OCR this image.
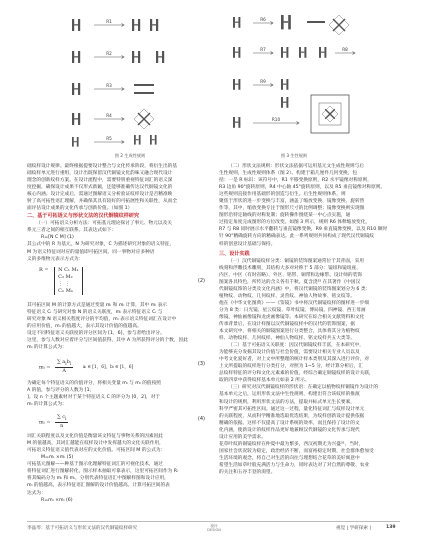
R1
R2
R3
R4
R5
图 2 生成性规则
R6
R7	R8
R9
R10
图 3 生性规则

础纹样设计规律。最终根据提要设计整合与文化传承阶段，将衍生出的基

础纹样单元进行重组，设计出既保留汉代铜镜文化韵味又融合现代设计

理念的创新纹样方案。在设计流程中，需要特别重视特征词汇的语义深

度挖掘，确保设计成果不仅形式新颖，还能够准确传达汉代铜镜文化的

核心内涵。设计完成后，需通过图解语义分析验证纹样设计是否精准映

射了高可拓性语汇理解，并确保其具有较好的可拓展性和关联性，从而全

面评估设计成果的文化传承与创新价值。（如图 1）

二、基于可拓语义与形状文法的汉代铜镜纹样研究

（一）可拓语义分析方法：可拓基元理论探讨了事元、物元以及关

系元三者之间的相互联系。其表达式如下：

R=[N C M] (1)

其公式中的 R 为基元，N 为研究对象，C 为描述研究对象的语义特征，

M 为语义特征词对应的量值即可拓区间。同一事物对应多种语

义的多维物元表示方式为：

R = N C₁ M₁
C₂ M₂
⋮ ⋮
Cₙ Mₙ
(2)

其可拓区间 M 的计算方式是通过变量 mᵢ 和 mᵢ 计算，其中 mᵢ 表示

特征语义 Cᵢ 与研究对象 N 的语义关联度，mᵢ 表示特征语义 Cᵢ 与

研究对象 N 语义相关程度评分的平均值，mᵢ 表示语义特征词汇在设计中

的应用价值，mᵢ 的值越大，表示其设计价值的值越高。

设定不同特征语义关联度的评分区间为 [1，6]，参与者给出评分。

这里，参与人数对应着评分与区间值获得，其中 A 为所获得评分的个数，因此

mᵢ 的计算公式为：

mᵢ =
∑ $a_ib_i$
A	aᵢ ∈ [1，6]，bᵢ ∈ [1，6]
(3)

为确定每个特征语义的价值评分，将相关变量 mᵢ 与 mᵢ 的值按照

A 的值，参与评分的人数为 [1，

]。设 n 个主题素材对于某个特征语义 C 的评分为 [0，2]，对于

mᵢ 的计算公式为：

mᵢ = $\frac{\sum c_i}{n}$	(4)

词汇关联程度以及文化价值是衡量该文特征与事物关系的因素因此

M 的值越高，其词汇越能在纹样设计中发挥越大的文化关联作用，

可拓语义特征语义值代表对应的文化价值。可拓区间 M 的公式为：

M=mᵢ ×mᵢ (5)

可拓基元图解——种基于图示化理解特征词汇的可视化技术，通过

将特征词汇进行图解转化，图示样本抽取可靠表示，这里可拓区间作为 Rᵢ

将其编码分为 mᵢ 和 mᵢ，分别代表特征语汇中图解样图和设计应用，

mᵢ 的值越高，表示特征语汇图解的设计价值越高。计算可拓区间的表

达式为：

R=mᵢ ×mᵢ (6)

（二）形状文法规则：形状文法依据可运用基元文生成性规则与后

生性规则，生成性规则体系（图 2）。构建于箱几厘件几何变换，包

括：一是 R 标识：该符号中，R1 平移变换原则，R2 水平镜像对称原则，

R3 边角 90°旋转原则，R4 中心轴 45°旋转原则，以及 R5 垂直镜像对称原则。

这些规则直接作用基础形的创造与衍生。后生性规则体系，则

聚焦于形状的进一步变换与丰富，涵盖了缩放变换、镜像变换、旋转替

作等，其中，缩放变换专注于图形尺寸的比例调整；镜像变换则实现图

图形沿特定轴线的对称复制；旋转操作围绕某一中心点实施，通

过指定角度完成图形的方位改变。如图 3 所示，规则 R6 体释缩放变化，

R7 与 R8 同时展示水平翻转与垂直镜像变换，R9 垂直镜像变换，以及 R10 顺时

针 90°精确旋转方向的精确表达。此一系列规则共同构成了现代汉代铜镜纹

样的创意设计基础与保持。

三、设计实践

（一）汉代铜镜纹样分类：铜镜的装饰图案通常位于其背面，采用

线刻和浮雕技术雕刻，其结构大多对对称于 5 部分：镜纽和镜纽座，

内区、中区（有时省略）、外区、铭带、铜带和边缘带。设计师的装饰

图案各具特色，所传达的含义各有千秋。夏含浇²⁵ 在其著作《中国汉

代铜镜纹饰的分类及文化内涵》中，将汉代铜镜的装饰图案划分为 6 类：

植物纹、动物纹、几何纹样、灵兽纹、神仙人物故事、铭文纹等。

他在《中华文化图典》——《鉴镜》书中将汉代铜镜纹样的图样进一步细

分为 8 类：日光镜、星云纹镜、草叶纹镜、博局镜、四神镜、西王母画

像镜、神仙画像镜和龙虎画像镜等。本研究在综合相关文献资料和文化

传承背景后，在设计样图以汉代铜镜纹样中的汉代的装饰图案，据

本文研究中，将相关的铜镜图案进行分类整合，具体将其分为植物纹

样、动物纹样、几何纹样、神仙人物纹样、铭文纹样共五大类等。

（二）基于可拓语义关联度：因汉代铜镜纹样丰富，在本研究中，

为能够充分发掘其设计价值与社会价值，需要设计相关专业人员以及

中考文化爱好者，对上文中所整理的统计样本类别及其深入进行评价，对

上文所提取的纹样进行分类打分，对照为 1~5 分，经计算分析后，汇

总纹样特征的评分和文化元素素的价值，经综合确定铜镜纹样的设计关联，

取的四章中获得纹样基本单元如表 2 所示。

（三）研究对汉代铜镜纹样的形状语：在确定以植物纹样铜镜作为设计的

基本单元之后，运用形状文法中生性规则，构建出符合该纹样的推演

和设计的规则，利用形状文法的方法，提取并标式单元生长要素，

科学严密其可拓性区间。通过这一过程，量化特征词汇与纹样设计单元

的关联程度，从而科学精准地选取优选结果，为纹样创新设计提供依据

精确的依据。这样不仅提高了设计系统的效率，而且保持了设计的文

化内涵，使新设计的纹样作品更好地兼顾汉代铜镜的文化传承与现代

设计应用的美学需求。

花草叶纹的铜镜纹样在仲夏中最为繁多，西汉初期尤为兴盛³¹，当时，

国家社会状况较为稳定，政治经济不断，而富裕稳定时期，社会群体愈加受

生活环境的观念，将自己对生活的向往与理想结合花草的美好寓意中

希望生活如草叶般充满活力与生命力，同时表达对了对自然的尊敬、农业

的关注和五谷丰登的渴望。

李晶琴：基于可拓语义与形状文法的汉代铜镜纹样研究	设计
DESIGN	视觉 | 学研探索 |	139
